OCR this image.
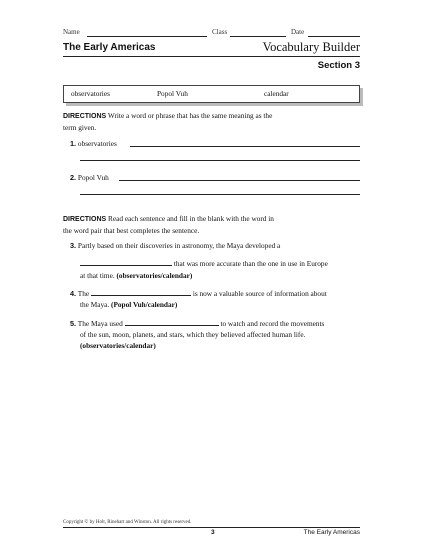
Name	Class	Date
The Early Americas	Vocabulary Builder
Section 3
observatories	Popol Vuh	calendar
DIRECTIONS Write a word or phrase that has the same meaning as the
term given.
1. observatories
2. Popol Vuh
DIRECTIONS Read each sentence and fill in the blank with the word in
the word pair that best completes the sentence.
3. Partly based on their discoveries in astronomy, the Maya developed a
that was more accurate than the one in use in Europe
at that time. (observatories/calendar)
4. The	is now a valuable source of information about
the Maya. (Popol Vuh/calendar)
5. The Maya used	to watch and record the movements
of the sun, moon, planets, and stars, which they believed affected human life.
(observatories/calendar)
Copyright © by Holt, Rinehart and Winston. All rights reserved.
3	The Early Americas
